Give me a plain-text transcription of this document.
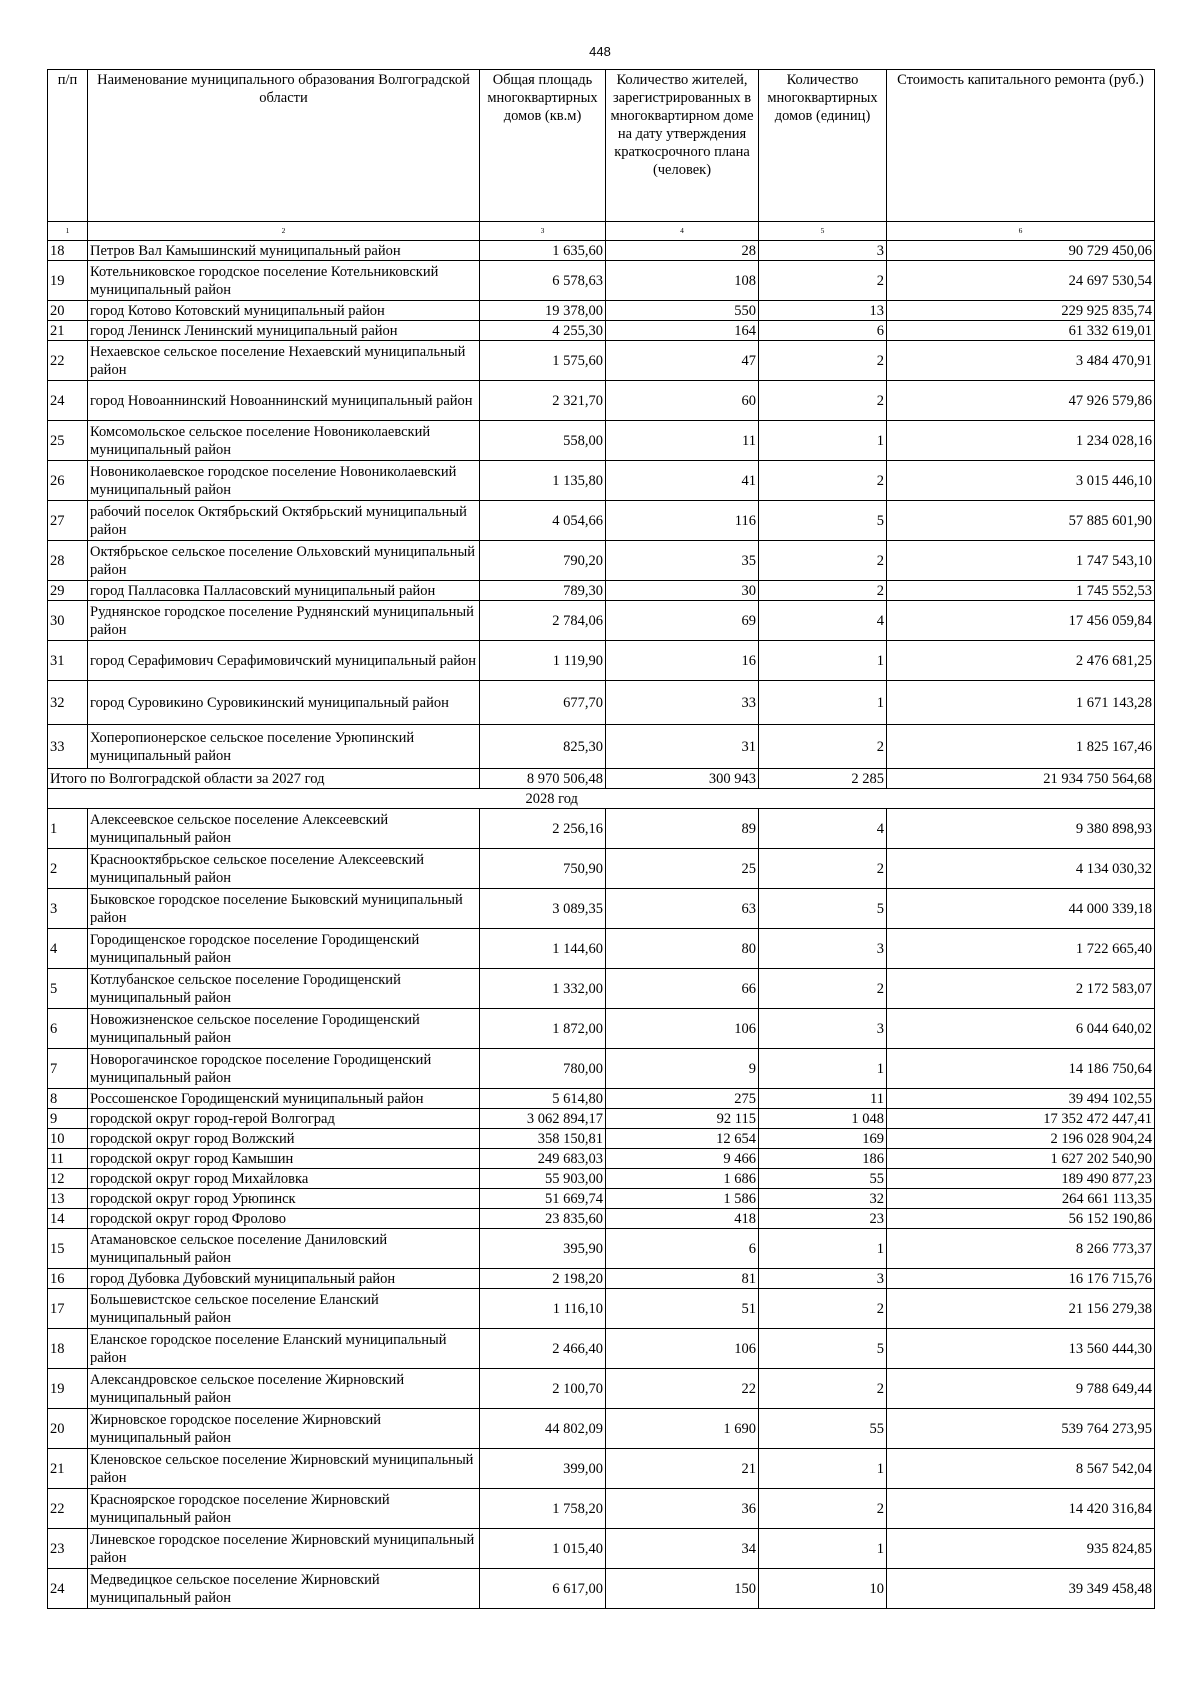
448
п/п	Наименование муниципального образования Волгоградской области	Общая площадь многоквартирных домов (кв.м)	Количество жителей, зарегистрированных в многоквартирном доме на дату утверждения краткосрочного плана (человек)	Количество многоквартирных домов (единиц)	Стоимость капитального ремонта (руб.)
1	2	3	4	5	6
18	Петров Вал Камышинский муниципальный район	1 635,60	28	3	90 729 450,06
19	Котельниковское городское поселение Котельниковский муниципальный район	6 578,63	108	2	24 697 530,54
20	город Котово Котовский муниципальный район	19 378,00	550	13	229 925 835,74
21	город Ленинск Ленинский муниципальный район	4 255,30	164	6	61 332 619,01
22	Нехаевское сельское поселение Нехаевский муниципальный район	1 575,60	47	2	3 484 470,91
24	город Новоаннинский Новоаннинский муниципальный район	2 321,70	60	2	47 926 579,86
25	Комсомольское сельское поселение Новониколаевский муниципальный район	558,00	11	1	1 234 028,16
26	Новониколаевское городское поселение Новониколаевский муниципальный район	1 135,80	41	2	3 015 446,10
27	рабочий поселок Октябрьский Октябрьский муниципальный район	4 054,66	116	5	57 885 601,90
28	Октябрьское сельское поселение Ольховский муниципальный район	790,20	35	2	1 747 543,10
29	город Палласовка Палласовский муниципальный район	789,30	30	2	1 745 552,53
30	Руднянское городское поселение Руднянский муниципальный район	2 784,06	69	4	17 456 059,84
31	город Серафимович Серафимовичский муниципальный район	1 119,90	16	1	2 476 681,25
32	город Суровикино Суровикинский муниципальный район	677,70	33	1	1 671 143,28
33	Хоперопионерское сельское поселение Урюпинский муниципальный район	825,30	31	2	1 825 167,46
Итого по Волгоградской области за 2027 год		8 970 506,48	300 943	2 285	21 934 750 564,68
	2028 год				
1	Алексеевское сельское поселение Алексеевский муниципальный район	2 256,16	89	4	9 380 898,93
2	Краснооктябрьское сельское поселение Алексеевский муниципальный район	750,90	25	2	4 134 030,32
3	Быковское городское поселение Быковский муниципальный район	3 089,35	63	5	44 000 339,18
4	Городищенское городское поселение Городищенский муниципальный район	1 144,60	80	3	1 722 665,40
5	Котлубанское сельское поселение Городищенский муниципальный район	1 332,00	66	2	2 172 583,07
6	Новожизненское сельское поселение Городищенский муниципальный район	1 872,00	106	3	6 044 640,02
7	Новорогачинское городское поселение Городищенский муниципальный район	780,00	9	1	14 186 750,64
8	Россошенское Городищенский муниципальный район	5 614,80	275	11	39 494 102,55
9	городской округ город-герой Волгоград	3 062 894,17	92 115	1 048	17 352 472 447,41
10	городской округ город Волжский	358 150,81	12 654	169	2 196 028 904,24
11	городской округ город Камышин	249 683,03	9 466	186	1 627 202 540,90
12	городской округ город Михайловка	55 903,00	1 686	55	189 490 877,23
13	городской округ город Урюпинск	51 669,74	1 586	32	264 661 113,35
14	городской округ город Фролово	23 835,60	418	23	56 152 190,86
15	Атамановское сельское поселение Даниловский муниципальный район	395,90	6	1	8 266 773,37
16	город Дубовка Дубовский муниципальный район	2 198,20	81	3	16 176 715,76
17	Большевистское сельское поселение Еланский муниципальный район	1 116,10	51	2	21 156 279,38
18	Еланское городское поселение Еланский муниципальный район	2 466,40	106	5	13 560 444,30
19	Александровское сельское поселение Жирновский муниципальный район	2 100,70	22	2	9 788 649,44
20	Жирновское городское поселение Жирновский муниципальный район	44 802,09	1 690	55	539 764 273,95
21	Кленовское сельское поселение Жирновский муниципальный район	399,00	21	1	8 567 542,04
22	Красноярское городское поселение Жирновский муниципальный район	1 758,20	36	2	14 420 316,84
23	Линевское городское поселение Жирновский муниципальный район	1 015,40	34	1	935 824,85
24	Медведицкое сельское поселение Жирновский муниципальный район	6 617,00	150	10	39 349 458,48
